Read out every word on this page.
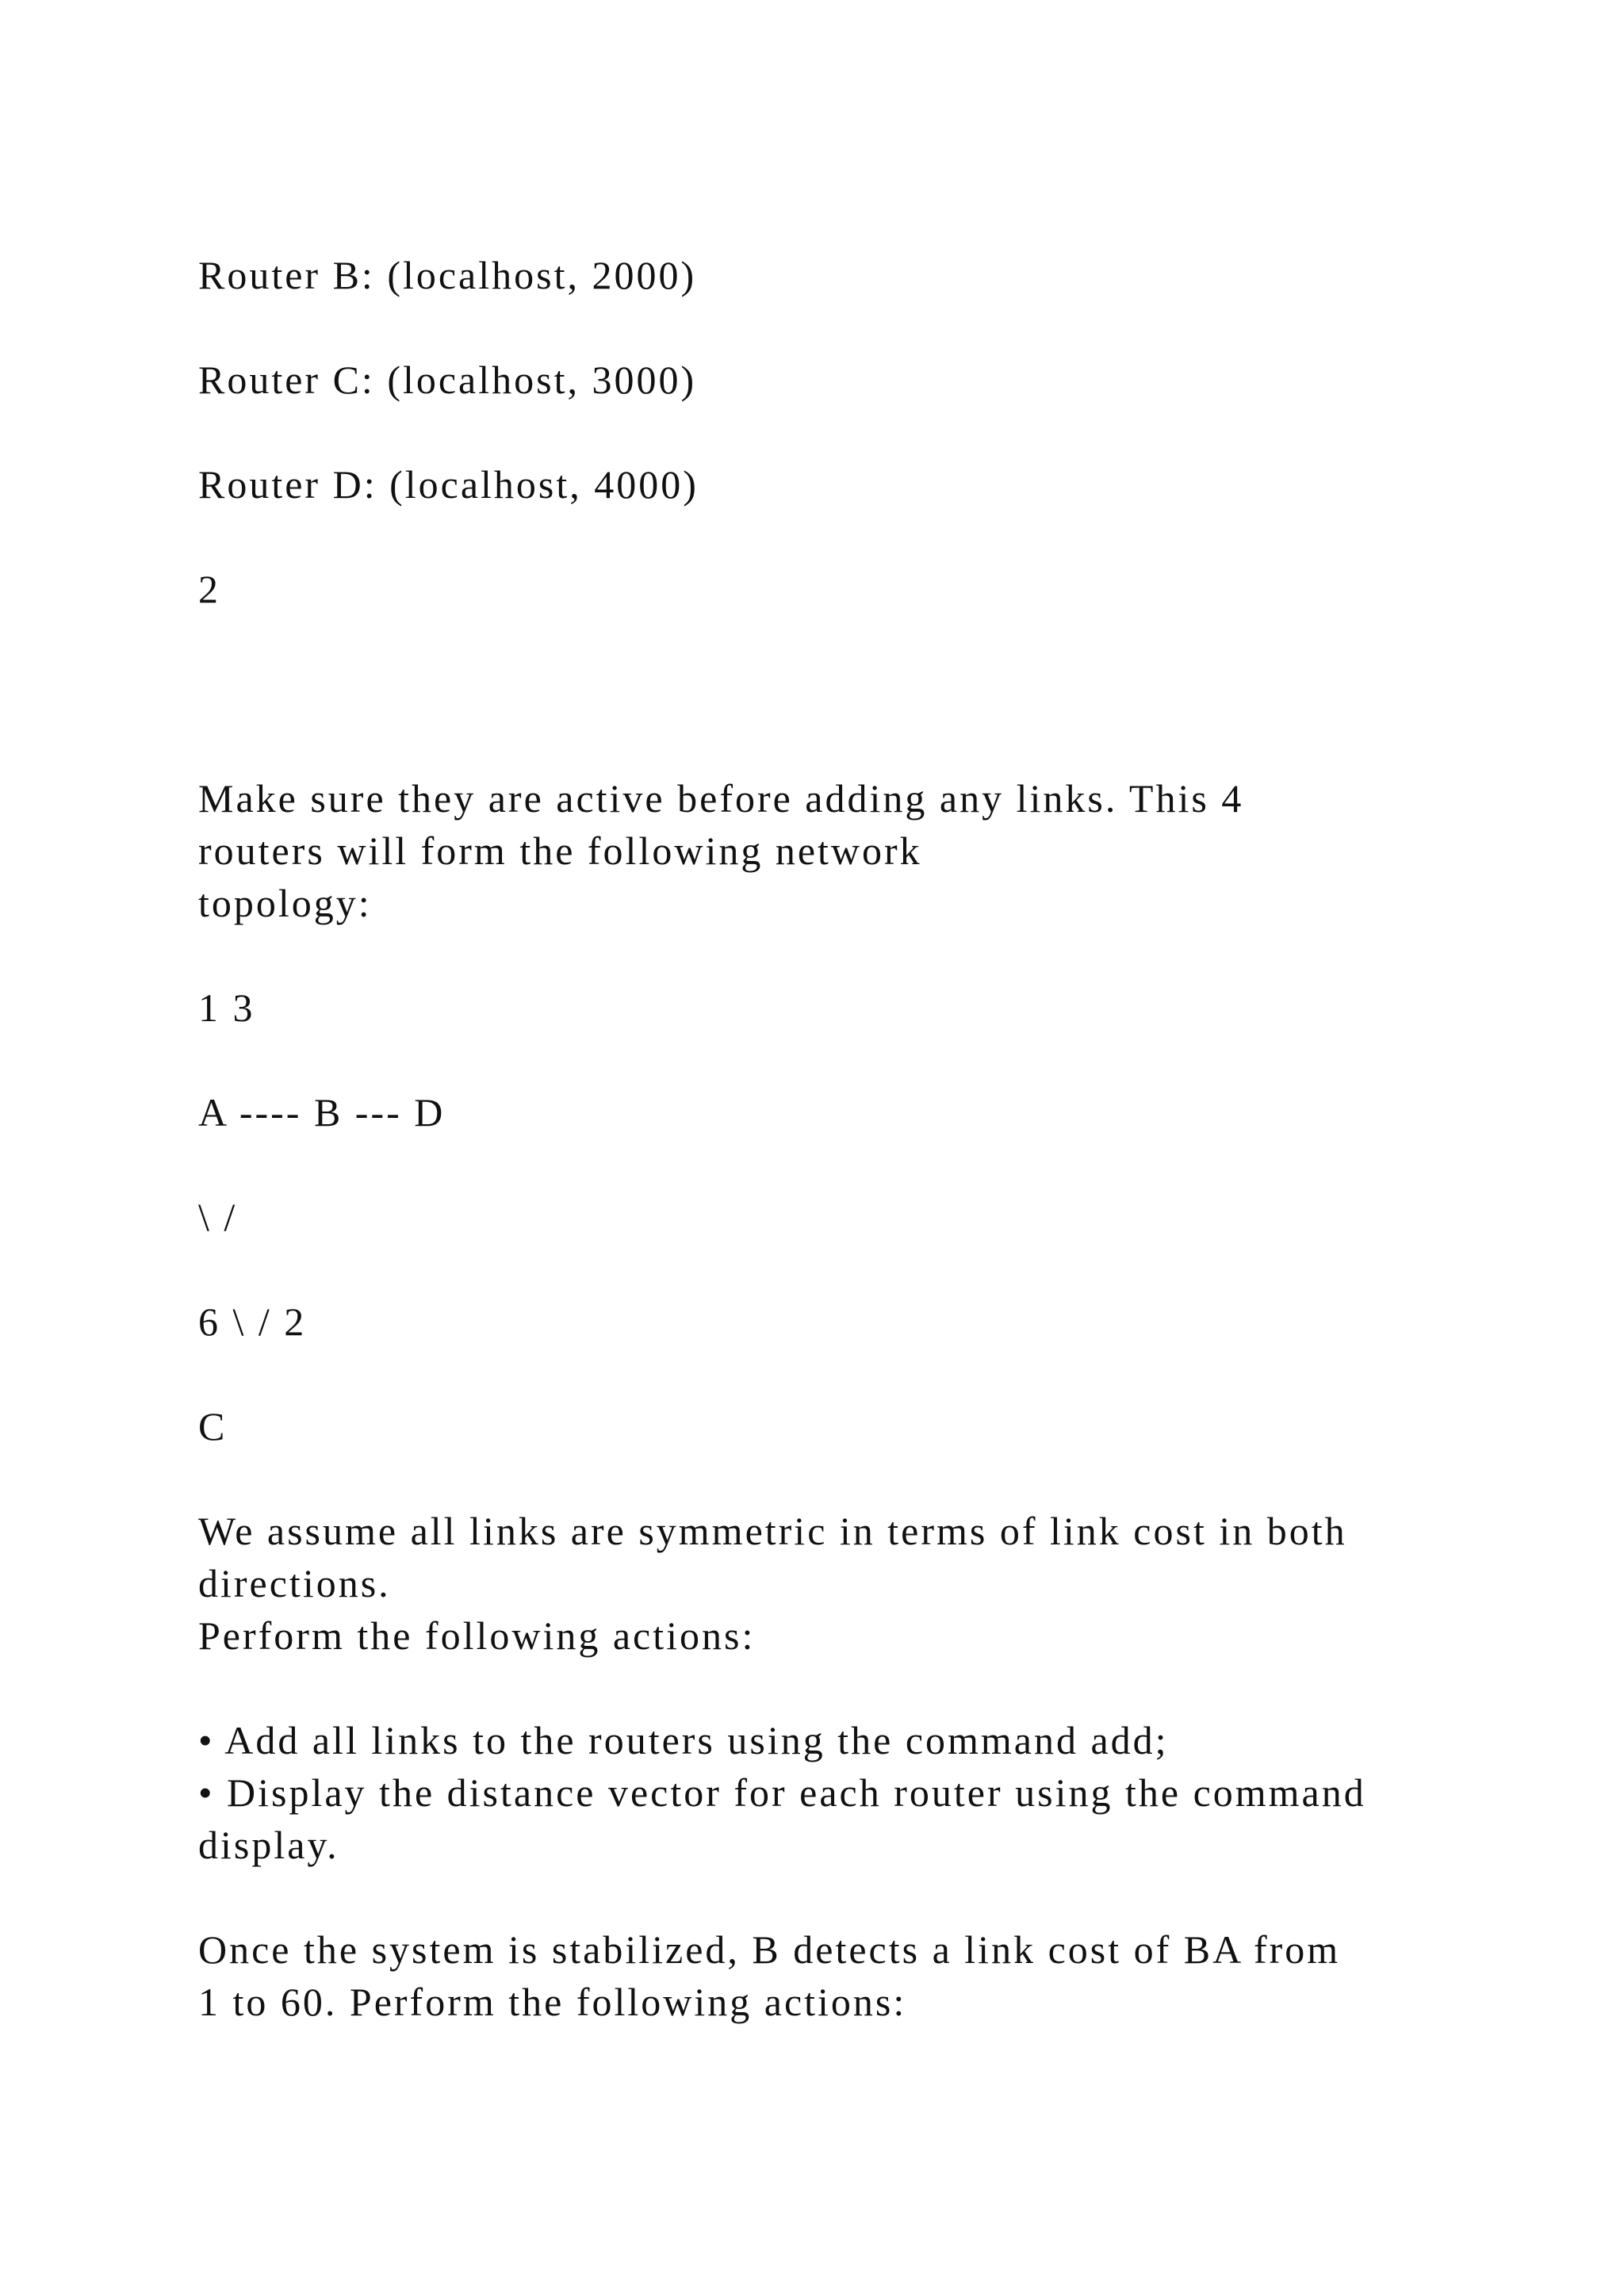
Router B: (localhost, 2000)
Router C: (localhost, 3000)
Router D: (localhost, 4000)
2
Make sure they are active before adding any links. This 4
routers will form the following network
topology:
1 3
A ---- B --- D
\ /
6 \ / 2
C
We assume all links are symmetric in terms of link cost in both
directions.
Perform the following actions:
• Add all links to the routers using the command add;
• Display the distance vector for each router using the command
display.
Once the system is stabilized, B detects a link cost of BA from
1 to 60. Perform the following actions:
